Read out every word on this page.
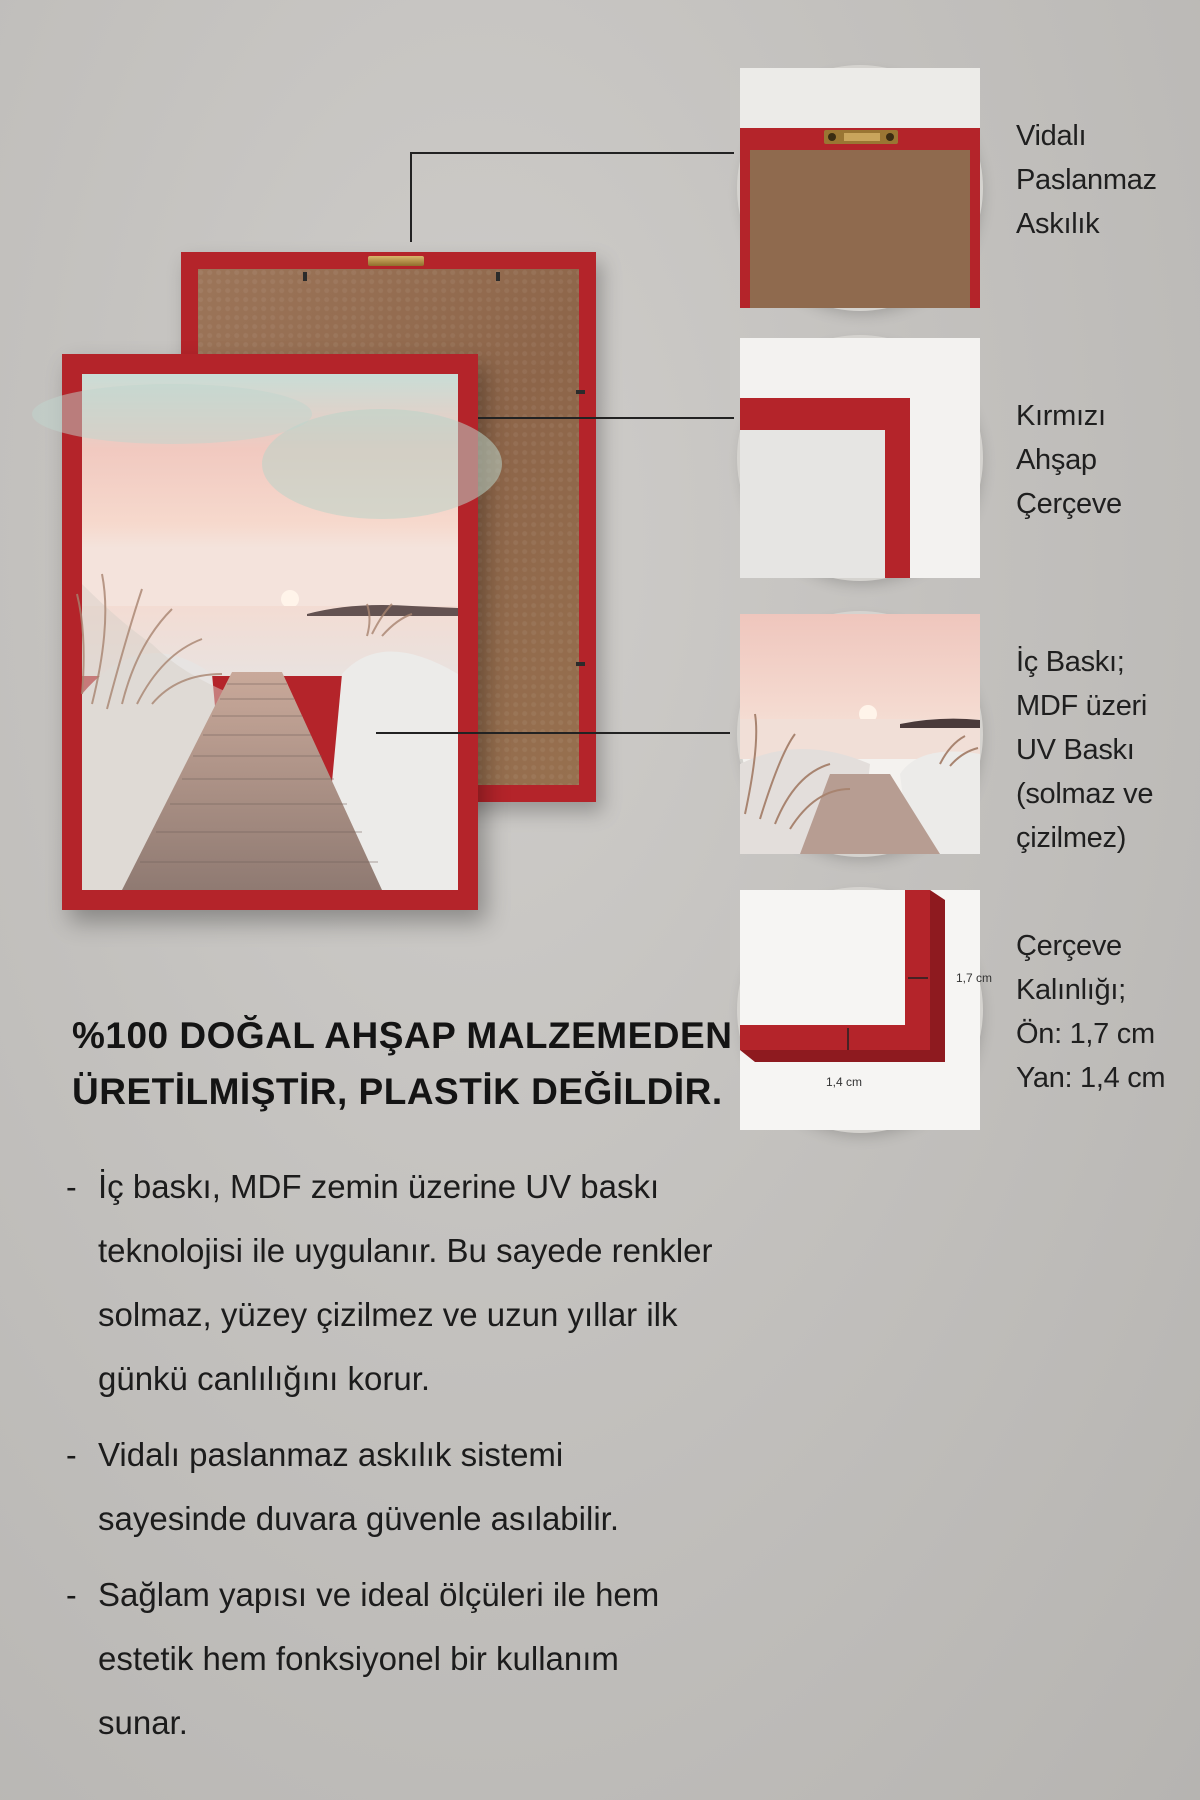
Vidalı
Paslanmaz
Askılık
Kırmızı
Ahşap
Çerçeve
İç Baskı;
MDF üzeri
UV Baskı
(solmaz ve
çizilmez)
1,7 cm
1,4 cm
Çerçeve
Kalınlığı;
Ön: 1,7 cm
Yan: 1,4 cm
%100 DOĞAL AHŞAP MALZEMEDEN
ÜRETİLMİŞTİR, PLASTİK DEĞİLDİR.
- İç baskı, MDF zemin üzerine UV baskı
teknolojisi ile uygulanır. Bu sayede renkler
solmaz, yüzey çizilmez ve uzun yıllar ilk
günkü canlılığını korur.
- Vidalı paslanmaz askılık sistemi
sayesinde duvara güvenle asılabilir.
- Sağlam yapısı ve ideal ölçüleri ile hem
estetik hem fonksiyonel bir kullanım
sunar.
